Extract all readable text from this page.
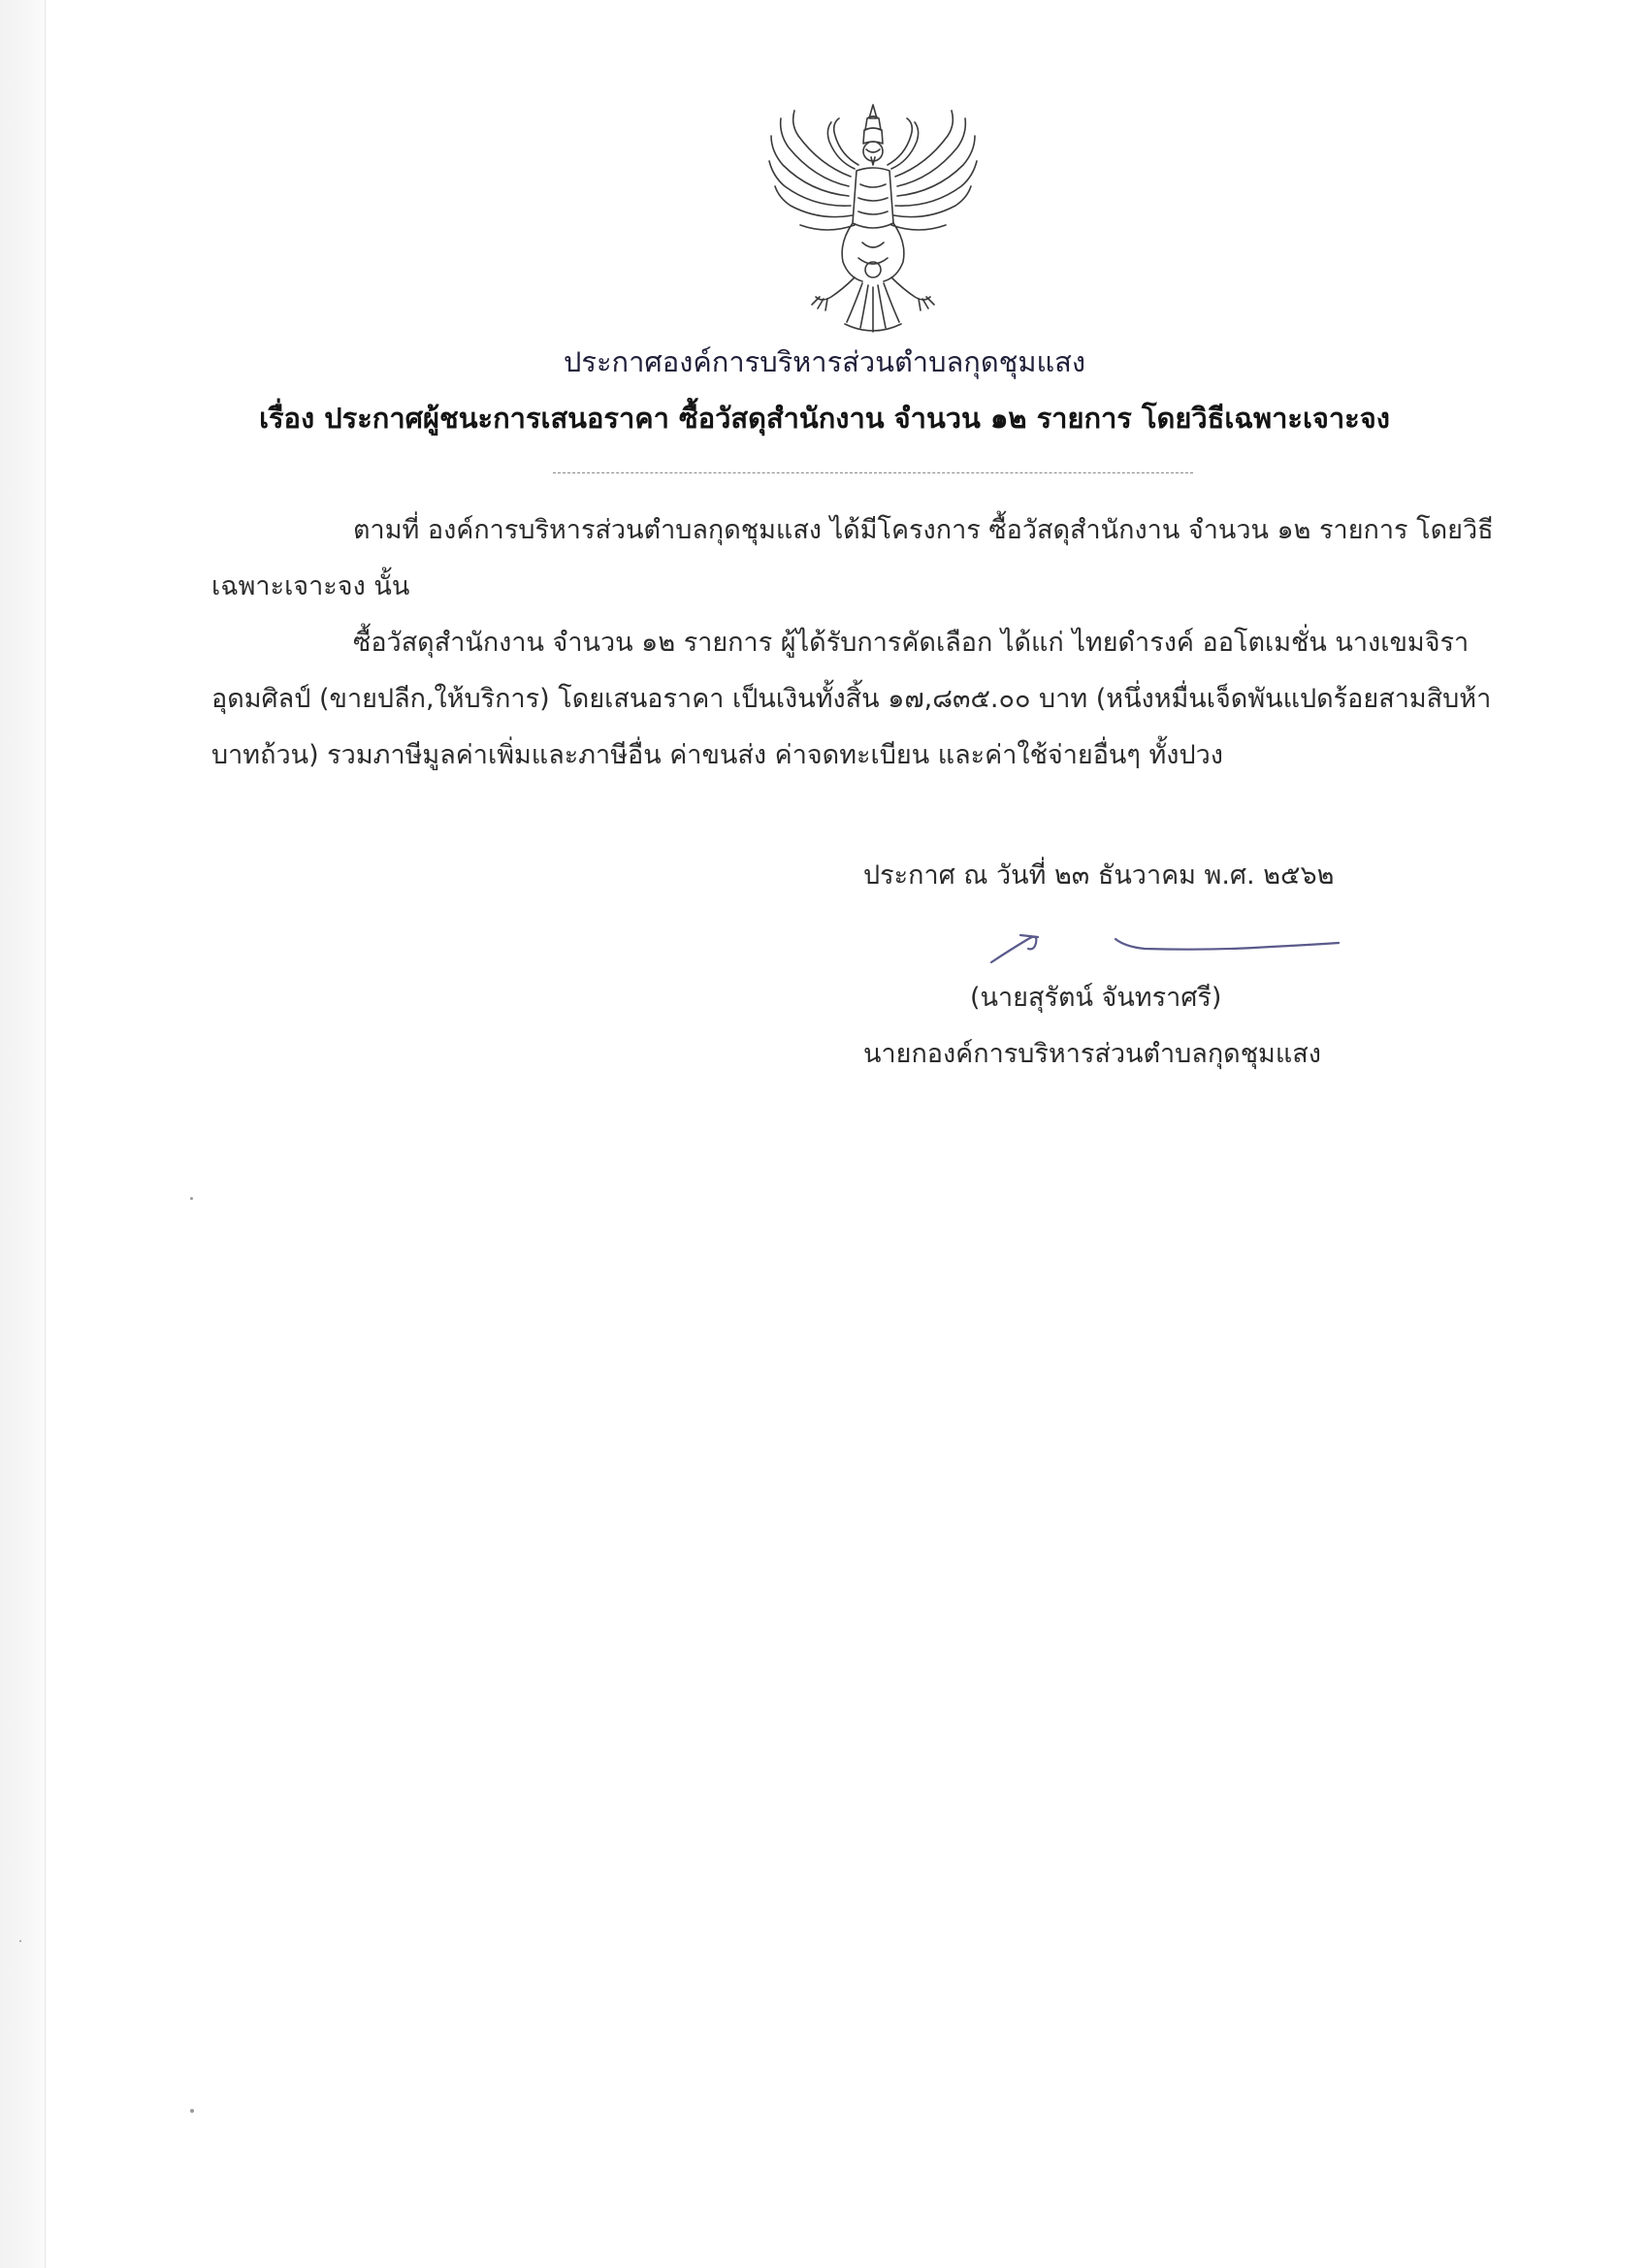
ประกาศองค์การบริหารส่วนตำบลกุดชุมแสง
เรื่อง ประกาศผู้ชนะการเสนอราคา ซื้อวัสดุสำนักงาน จำนวน ๑๒ รายการ โดยวิธีเฉพาะเจาะจง
ตามที่ องค์การบริหารส่วนตำบลกุดชุมแสง ได้มีโครงการ ซื้อวัสดุสำนักงาน จำนวน ๑๒ รายการ โดยวิธี
เฉพาะเจาะจง นั้น
ซื้อวัสดุสำนักงาน จำนวน ๑๒ รายการ ผู้ได้รับการคัดเลือก ได้แก่ ไทยดำรงค์ ออโตเมชั่น นางเขมจิรา
อุดมศิลป์ (ขายปลีก,ให้บริการ) โดยเสนอราคา เป็นเงินทั้งสิ้น ๑๗,๘๓๕.๐๐ บาท (หนึ่งหมื่นเจ็ดพันแปดร้อยสามสิบห้า
บาทถ้วน) รวมภาษีมูลค่าเพิ่มและภาษีอื่น ค่าขนส่ง ค่าจดทะเบียน และค่าใช้จ่ายอื่นๆ ทั้งปวง
ประกาศ ณ วันที่ ๒๓ ธันวาคม พ.ศ. ๒๕๖๒
(นายสุรัตน์ จันทราศรี)
นายกองค์การบริหารส่วนตำบลกุดชุมแสง
